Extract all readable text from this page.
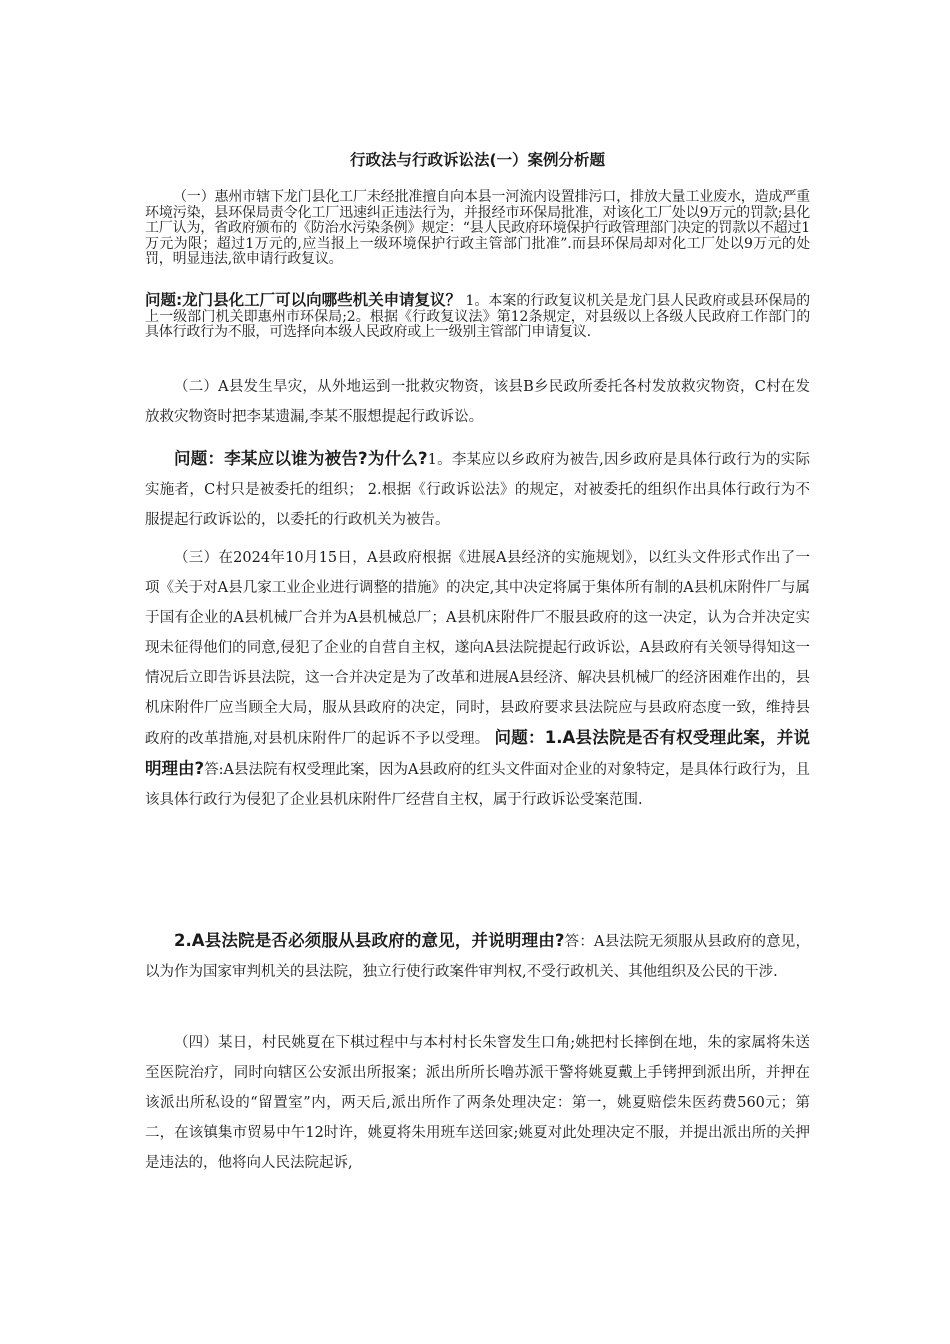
行政法与行政诉讼法(一）案例分析题

（一）惠州市辖下龙门县化工厂未经批准擅自向本县一河流内设置排污口，排放大量工业废水，造成严重环境污染，县环保局责令化工厂迅速纠正违法行为，并报经市环保局批准，对该化工厂处以9万元的罚款;县化工厂认为，省政府颁布的《防治水污染条例》规定：“县人民政府环境保护行政管理部门决定的罚款以不超过1万元为限；超过1万元的,应当报上一级环境保护行政主管部门批准”.而县环保局却对化工厂处以9万元的处罚，明显违法,欲申请行政复议。

问题:龙门县化工厂可以向哪些机关申请复议？ 1。本案的行政复议机关是龙门县人民政府或县环保局的上一级部门机关即惠州市环保局;2。根据《行政复议法》第12条规定，对县级以上各级人民政府工作部门的具体行政行为不服，可选择向本级人民政府或上一级别主管部门申请复议.

（二）A县发生旱灾，从外地运到一批救灾物资，该县B乡民政所委托各村发放救灾物资，C村在发放救灾物资时把李某遗漏,李某不服想提起行政诉讼。

问题：李某应以谁为被告?为什么?1。李某应以乡政府为被告,因乡政府是具体行政行为的实际实施者，C村只是被委托的组织； 2.根据《行政诉讼法》的规定，对被委托的组织作出具体行政行为不服提起行政诉讼的，以委托的行政机关为被告。

（三）在2024年10月15日，A县政府根据《进展A县经济的实施规划》，以红头文件形式作出了一项《关于对A县几家工业企业进行调整的措施》的决定,其中决定将属于集体所有制的A县机床附件厂与属于国有企业的A县机械厂合并为A县机械总厂；A县机床附件厂不服县政府的这一决定，认为合并决定实现未征得他们的同意,侵犯了企业的自营自主权，遂向A县法院提起行政诉讼，A县政府有关领导得知这一情况后立即告诉县法院，这一合并决定是为了改革和进展A县经济、解决县机械厂的经济困难作出的，县机床附件厂应当顾全大局，服从县政府的决定，同时，县政府要求县法院应与县政府态度一致，维持县政府的改革措施,对县机床附件厂的起诉不予以受理。 问题：1.A县法院是否有权受理此案，并说明理由?答:A县法院有权受理此案，因为A县政府的红头文件面对企业的对象特定，是具体行政行为，且该具体行政行为侵犯了企业县机床附件厂经营自主权，属于行政诉讼受案范围.

2.A县法院是否必须服从县政府的意见，并说明理由?答：A县法院无须服从县政府的意见，以为作为国家审判机关的县法院，独立行使行政案件审判权,不受行政机关、其他组织及公民的干涉.

（四）某日，村民姚夏在下棋过程中与本村村长朱窨发生口角;姚把村长摔倒在地，朱的家属将朱送至医院治疗，同时向辖区公安派出所报案；派出所所长噜苏派干警将姚夏戴上手铐押到派出所，并押在该派出所私设的“留置室”内，两天后,派出所作了两条处理决定：第一，姚夏赔偿朱医药费560元；第二，在该镇集市贸易中午12时许，姚夏将朱用班车送回家;姚夏对此处理决定不服，并提出派出所的关押是违法的，他将向人民法院起诉,
